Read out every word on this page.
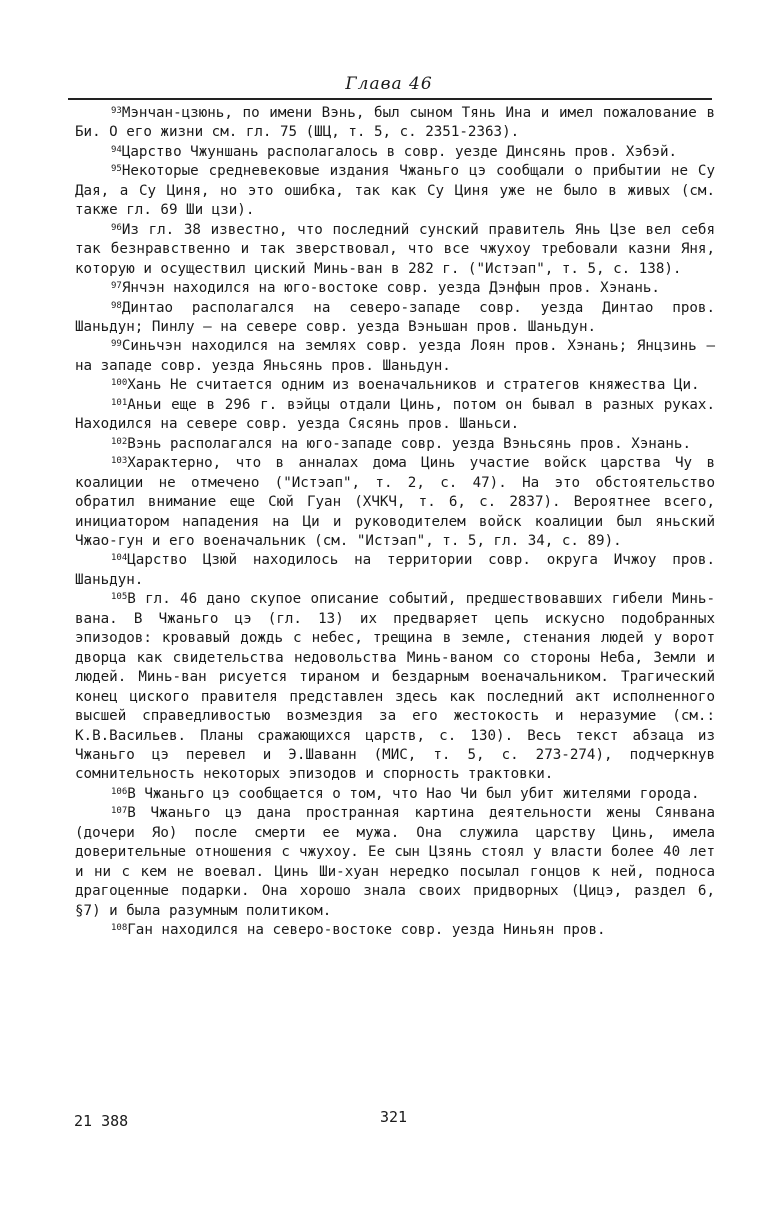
Глава 46

$^{93}$Мэнчан-цзюнь, по имени Вэнь, был сыном Тянь Ина и имел пожалование в Би. О его жизни см. гл. 75 (ШЦ, т. 5, с. 2351-2363).

$^{94}$Царство Чжуншань располагалось в совр. уезде Динсянь пров. Хэбэй.

$^{95}$Некоторые средневековые издания Чжаньго цэ сообщали о прибытии не Су Дая, а Су Циня, но это ошибка, так как Су Циня уже не было в живых (см. также гл. 69 Ши цзи).

$^{96}$Из гл. 38 известно, что последний сунский правитель Янь Цзе вел себя так безнравственно и так зверствовал, что все чжухоу требовали казни Яня, которую и осуществил циский Минь-ван в 282 г. ("Истэап", т. 5, с. 138).

$^{97}$Янчэн находился на юго-востоке совр. уезда Дэнфын пров. Хэнань.

$^{98}$Динтао располагался на северо-западе совр. уезда Динтао пров. Шаньдун; Пинлу — на севере совр. уезда Вэньшан пров. Шаньдун.

$^{99}$Синьчэн находился на землях совр. уезда Лоян пров. Хэнань; Янцзинь — на западе совр. уезда Яньсянь пров. Шаньдун.

$^{100}$Хань Не считается одним из военачальников и стратегов княжества Ци.

$^{101}$Аньи еще в 296 г. вэйцы отдали Цинь, потом он бывал в разных руках. Находился на севере совр. уезда Сясянь пров. Шаньси.

$^{102}$Вэнь располагался на юго-западе совр. уезда Вэньсянь пров. Хэнань.

$^{103}$Характерно, что в анналах дома Цинь участие войск царства Чу в коалиции не отмечено ("Истэап", т. 2, с. 47). На это обстоятельство обратил внимание еще Сюй Гуан (ХЧКЧ, т. 6, с. 2837). Вероятнее всего, инициатором нападения на Ци и руководителем войск коалиции был яньский Чжао-гун и его военачальник (см. "Истэап", т. 5, гл. 34, с. 89).

$^{104}$Царство Цзюй находилось на территории совр. округа Ичжоу пров. Шаньдун.

$^{105}$В гл. 46 дано скупое описание событий, предшествовавших гибели Минь-вана. В Чжаньго цэ (гл. 13) их предваряет цепь искусно подобранных эпизодов: кровавый дождь с небес, трещина в земле, стенания людей у ворот дворца как свидетельства недовольства Минь-ваном со стороны Неба, Земли и людей. Минь-ван рисуется тираном и бездарным военачальником. Трагический конец циского правителя представлен здесь как последний акт исполненного высшей справедливостью возмездия за его жестокость и неразумие (см.: К.В.Васильев. Планы сражающихся царств, с. 130). Весь текст абзаца из Чжаньго цэ перевел и Э.Шаванн (МИС, т. 5, с. 273-274), подчеркнув сомнительность некоторых эпизодов и спорность трактовки.

$^{106}$В Чжаньго цэ сообщается о том, что Нао Чи был убит жителями города.

$^{107}$В Чжаньго цэ дана пространная картина деятельности жены Сянвана (дочери Яо) после смерти ее мужа. Она служила царству Цинь, имела доверительные отношения с чжухоу. Ее сын Цзянь стоял у власти более 40 лет и ни с кем не воевал. Цинь Ши-хуан нередко посылал гонцов к ней, подноса драгоценные подарки. Она хорошо знала своих придворных (Цицэ, раздел 6, §7) и была разумным политиком.

$^{108}$Ган находился на северо-востоке совр. уезда Ниньян пров.

21 388	321
